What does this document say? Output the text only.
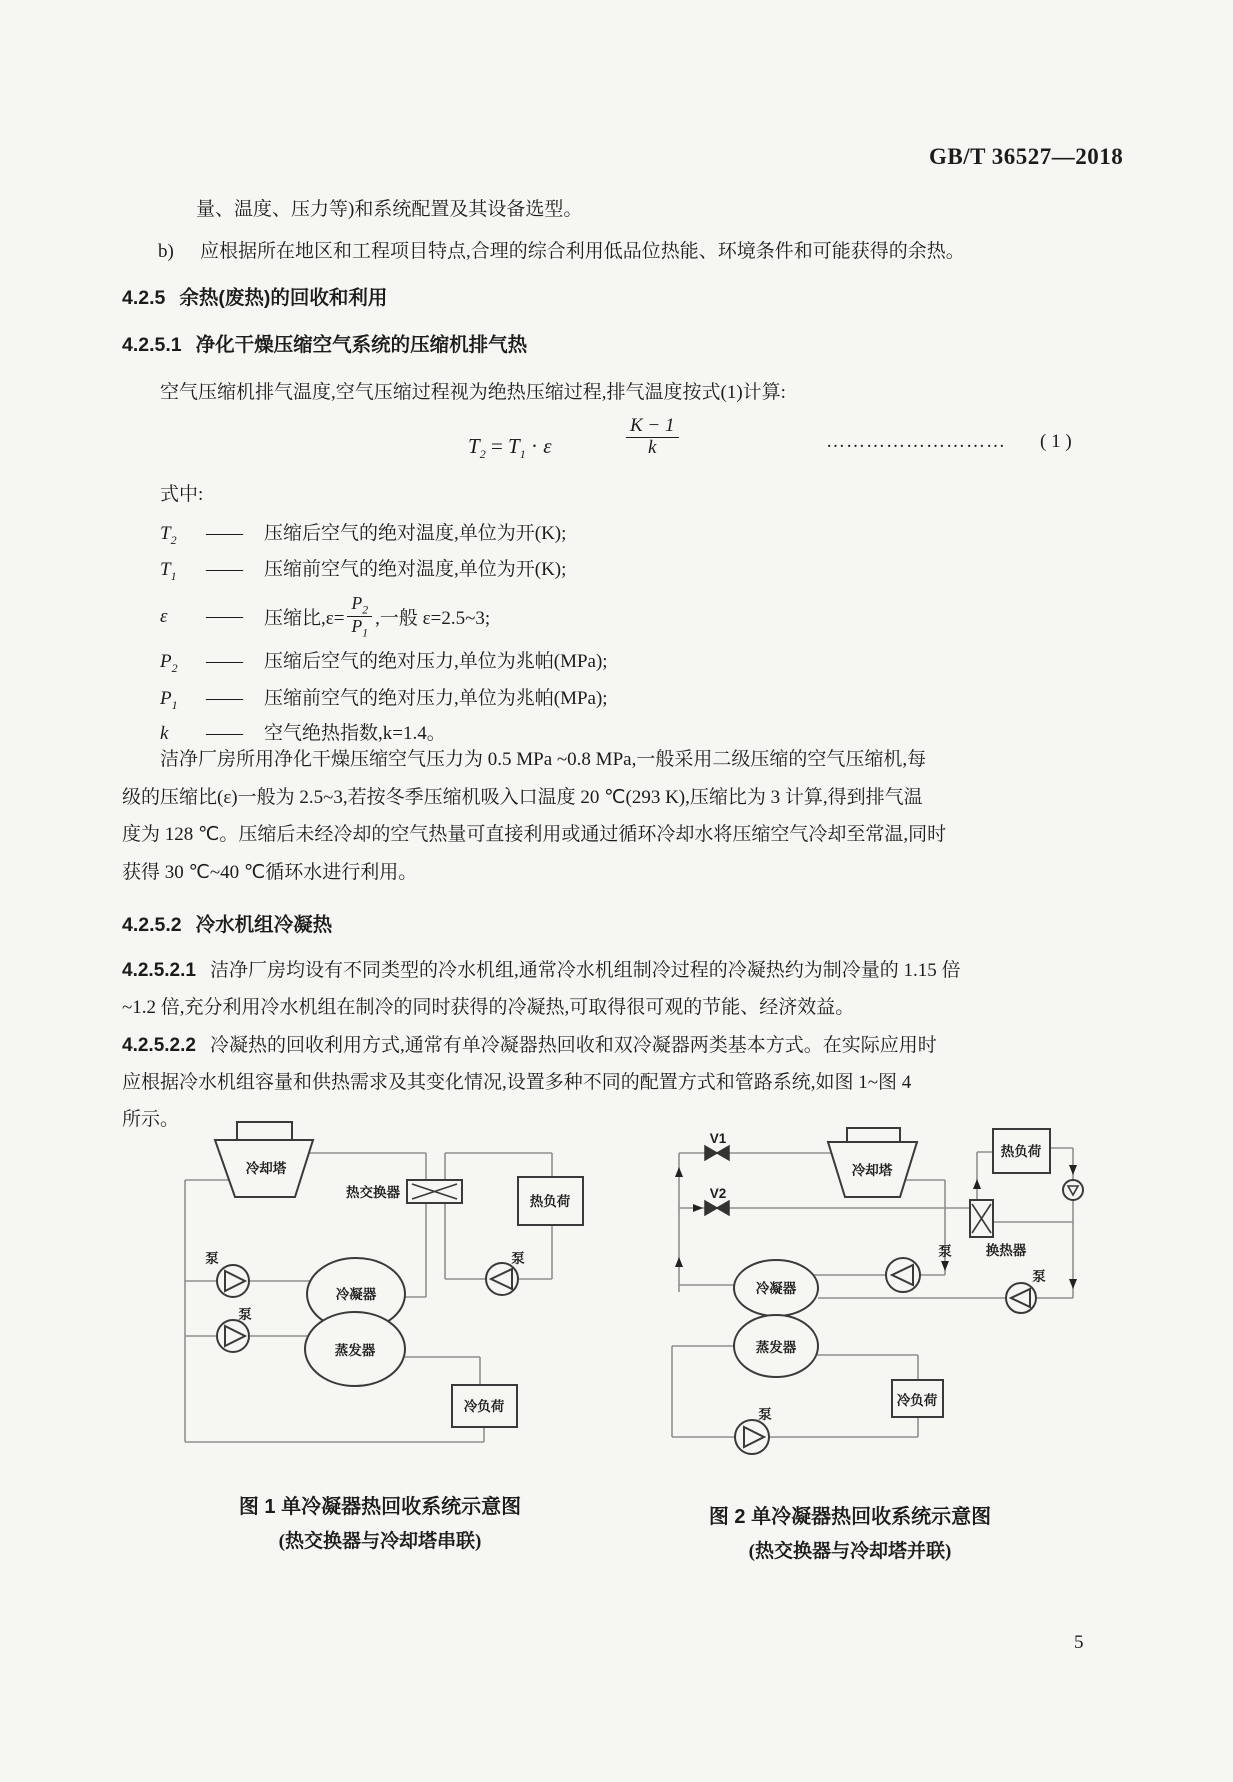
GB/T 36527—2018
量、温度、压力等)和系统配置及其设备选型。
b) 应根据所在地区和工程项目特点,合理的综合利用低品位热能、环境条件和可能获得的余热。
4.2.5 余热(废热)的回收和利用
4.2.5.1 净化干燥压缩空气系统的压缩机排气热
空气压缩机排气温度,空气压缩过程视为绝热压缩过程,排气温度按式(1)计算:
$T_2 = T_1 \cdot \varepsilon$	$\frac{K - 1}{k}$	……………………… ( 1 )
式中:
$T_2$	——	压缩后空气的绝对温度,单位为开(K);
$T_1$	——	压缩前空气的绝对温度,单位为开(K);
ε	——	压缩比$,\varepsilon= \frac{P_2}{P_1}$ ,一般 ε=2.5~3;
$P_2$	——	压缩后空气的绝对压力,单位为兆帕(MPa);
$P_1$	——	压缩前空气的绝对压力,单位为兆帕(MPa);
k	——	空气绝热指数,k=1.4。
洁净厂房所用净化干燥压缩空气压力为 0.5 MPa ~0.8 MPa,一般采用二级压缩的空气压缩机,每
级的压缩比(ε)一般为 2.5~3,若按冬季压缩机吸入口温度 20 ℃(293 K),压缩比为 3 计算,得到排气温
度为 128 ℃。压缩后未经冷却的空气热量可直接利用或通过循环冷却水将压缩空气冷却至常温,同时
获得 30 ℃~40 ℃循环水进行利用。
4.2.5.2 冷水机组冷凝热
4.2.5.2.1 洁净厂房均设有不同类型的冷水机组,通常冷水机组制冷过程的冷凝热约为制冷量的 1.15 倍
~1.2 倍,充分利用冷水机组在制冷的同时获得的冷凝热,可取得很可观的节能、经济效益。
4.2.5.2.2 冷凝热的回收利用方式,通常有单冷凝器热回收和双冷凝器两类基本方式。在实际应用时
应根据冷水机组容量和供热需求及其变化情况,设置多种不同的配置方式和管路系统,如图 1~图 4
所示。
冷却塔
热交换器
热负荷
冷凝器
蒸发器
冷负荷
泵
泵
泵
V1
V2
冷却塔
热负荷
换热器
冷凝器
蒸发器
冷负荷
泵
泵
泵
图 1 单冷凝器热回收系统示意图
(热交换器与冷却塔串联)
图 2 单冷凝器热回收系统示意图
(热交换器与冷却塔并联)
5
